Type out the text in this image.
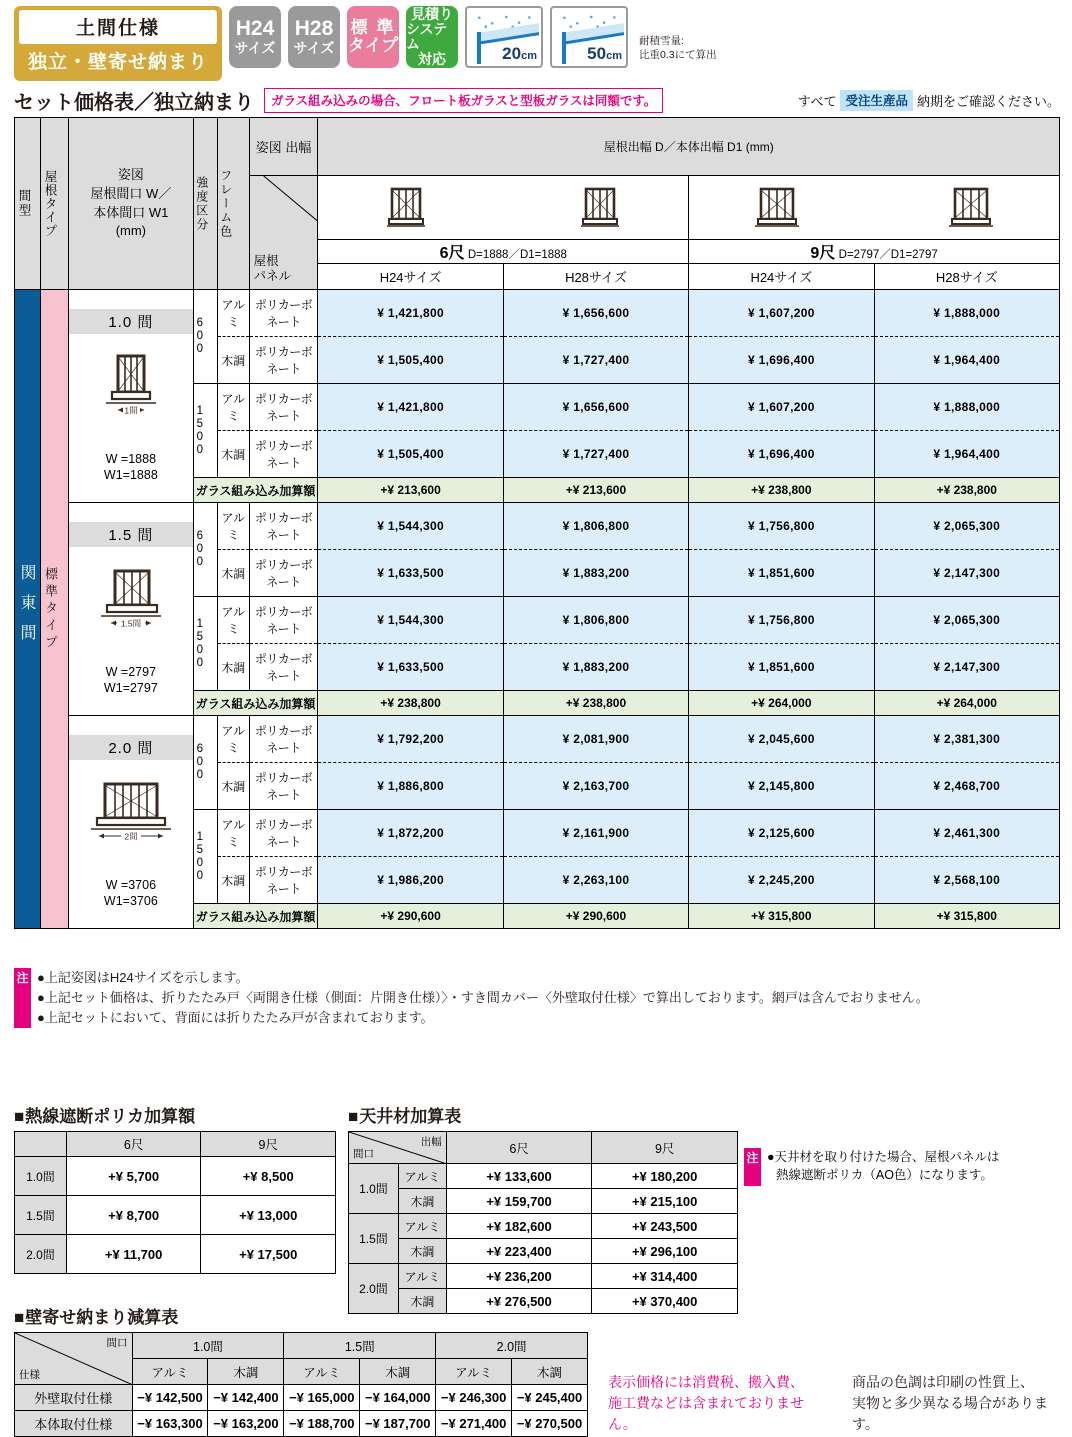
土間仕様
独立・壁寄せ納まり
H24
サイズ
H28
サイズ
標 準
タイプ
見積り
システム
対応	20cm	50cm
耐積雪量:
比重0.3にて算出
セット価格表／独立納まり	ガラス組み込みの場合、フロート板ガラスと型板ガラスは同額です。	すべて 受注生産品 納期をご確認ください。
間型	屋根タイプ	姿図
屋根間口 W／
本体間口 W1
(mm)	強度区分	フレーム色	姿図 出幅	屋根出幅 D／本体出幅 D1 (mm)			

					屋根
パネル

						6尺 D=1888／D1=1888		9尺 D=2797／D1=2797	
						H24サイズ	H28サイズ	H24サイズ	H28サイズ

関東間	標準タイプ	1.0 間
1間
W =1888
W1=1888	600	アルミ	ポリカーボネート	¥ 1,421,800	¥ 1,656,600	¥ 1,607,200	¥ 1,888,000
				木調	ポリカーボネート	¥ 1,505,400	¥ 1,727,400	¥ 1,696,400	¥ 1,964,400

			1500	アルミ	ポリカーボネート	¥ 1,421,800	¥ 1,656,600	¥ 1,607,200	¥ 1,888,000
				木調	ポリカーボネート	¥ 1,505,400	¥ 1,727,400	¥ 1,696,400	¥ 1,964,400
			ガラス組み込み加算額			+¥ 213,600	+¥ 213,600	+¥ 238,800	+¥ 238,800

		1.5 間
1.5間
W =2797
W1=2797	600	アルミ	ポリカーボネート	¥ 1,544,300	¥ 1,806,800	¥ 1,756,800	¥ 2,065,300
				木調	ポリカーボネート	¥ 1,633,500	¥ 1,883,200	¥ 1,851,600	¥ 2,147,300

			1500	アルミ	ポリカーボネート	¥ 1,544,300	¥ 1,806,800	¥ 1,756,800	¥ 2,065,300
				木調	ポリカーボネート	¥ 1,633,500	¥ 1,883,200	¥ 1,851,600	¥ 2,147,300
			ガラス組み込み加算額			+¥ 238,800	+¥ 238,800	+¥ 264,000	+¥ 264,000

		2.0 間
2間
W =3706
W1=3706	600	アルミ	ポリカーボネート	¥ 1,792,200	¥ 2,081,900	¥ 2,045,600	¥ 2,381,300
				木調	ポリカーボネート	¥ 1,886,800	¥ 2,163,700	¥ 2,145,800	¥ 2,468,700

			1500	アルミ	ポリカーボネート	¥ 1,872,200	¥ 2,161,900	¥ 2,125,600	¥ 2,461,300
				木調	ポリカーボネート	¥ 1,986,200	¥ 2,263,100	¥ 2,245,200	¥ 2,568,100
			ガラス組み込み加算額			+¥ 290,600	+¥ 290,600	+¥ 315,800	+¥ 315,800
注 ●上記姿図はH24サイズを示します。
●上記セット価格は、折りたたみ戸〈両開き仕様（側面：片開き仕様）〉・すき間カバー〈外壁取付仕様〉で算出しております。網戸は含んでおりません。
●上記セットにおいて、背面には折りたたみ戸が含まれております。
■ 熱線遮断ポリカ加算額
	6尺	9尺
1.0間	+¥ 5,700	+¥ 8,500
1.5間	+¥ 8,700	+¥ 13,000
2.0間	+¥ 11,700	+¥ 17,500
■ 天井材加算表
出幅
間口		6尺	9尺
1.0間	アルミ	+¥ 133,600	+¥ 180,200
	木調	+¥ 159,700	+¥ 215,100
1.5間	アルミ	+¥ 182,600	+¥ 243,500
	木調	+¥ 223,400	+¥ 296,100
2.0間	アルミ	+¥ 236,200	+¥ 314,400
	木調	+¥ 276,500	+¥ 370,400
注 ●天井材を取り付けた場合、屋根パネルは
熱線遮断ポリカ（AO色）になります。
■ 壁寄せ納まり減算表
間口
仕様	1.0間		1.5間		2.0間	
	アルミ	木調	アルミ	木調	アルミ	木調
外壁取付仕様	−¥ 142,500	−¥ 142,400	−¥ 165,000	−¥ 164,000	−¥ 246,300	−¥ 245,400
本体取付仕様	−¥ 163,300	−¥ 163,200	−¥ 188,700	−¥ 187,700	−¥ 271,400	−¥ 270,500
表示価格には消費税、搬入費、
施工費などは含まれておりません。
商品の色調は印刷の性質上、
実物と多少異なる場合があります。
